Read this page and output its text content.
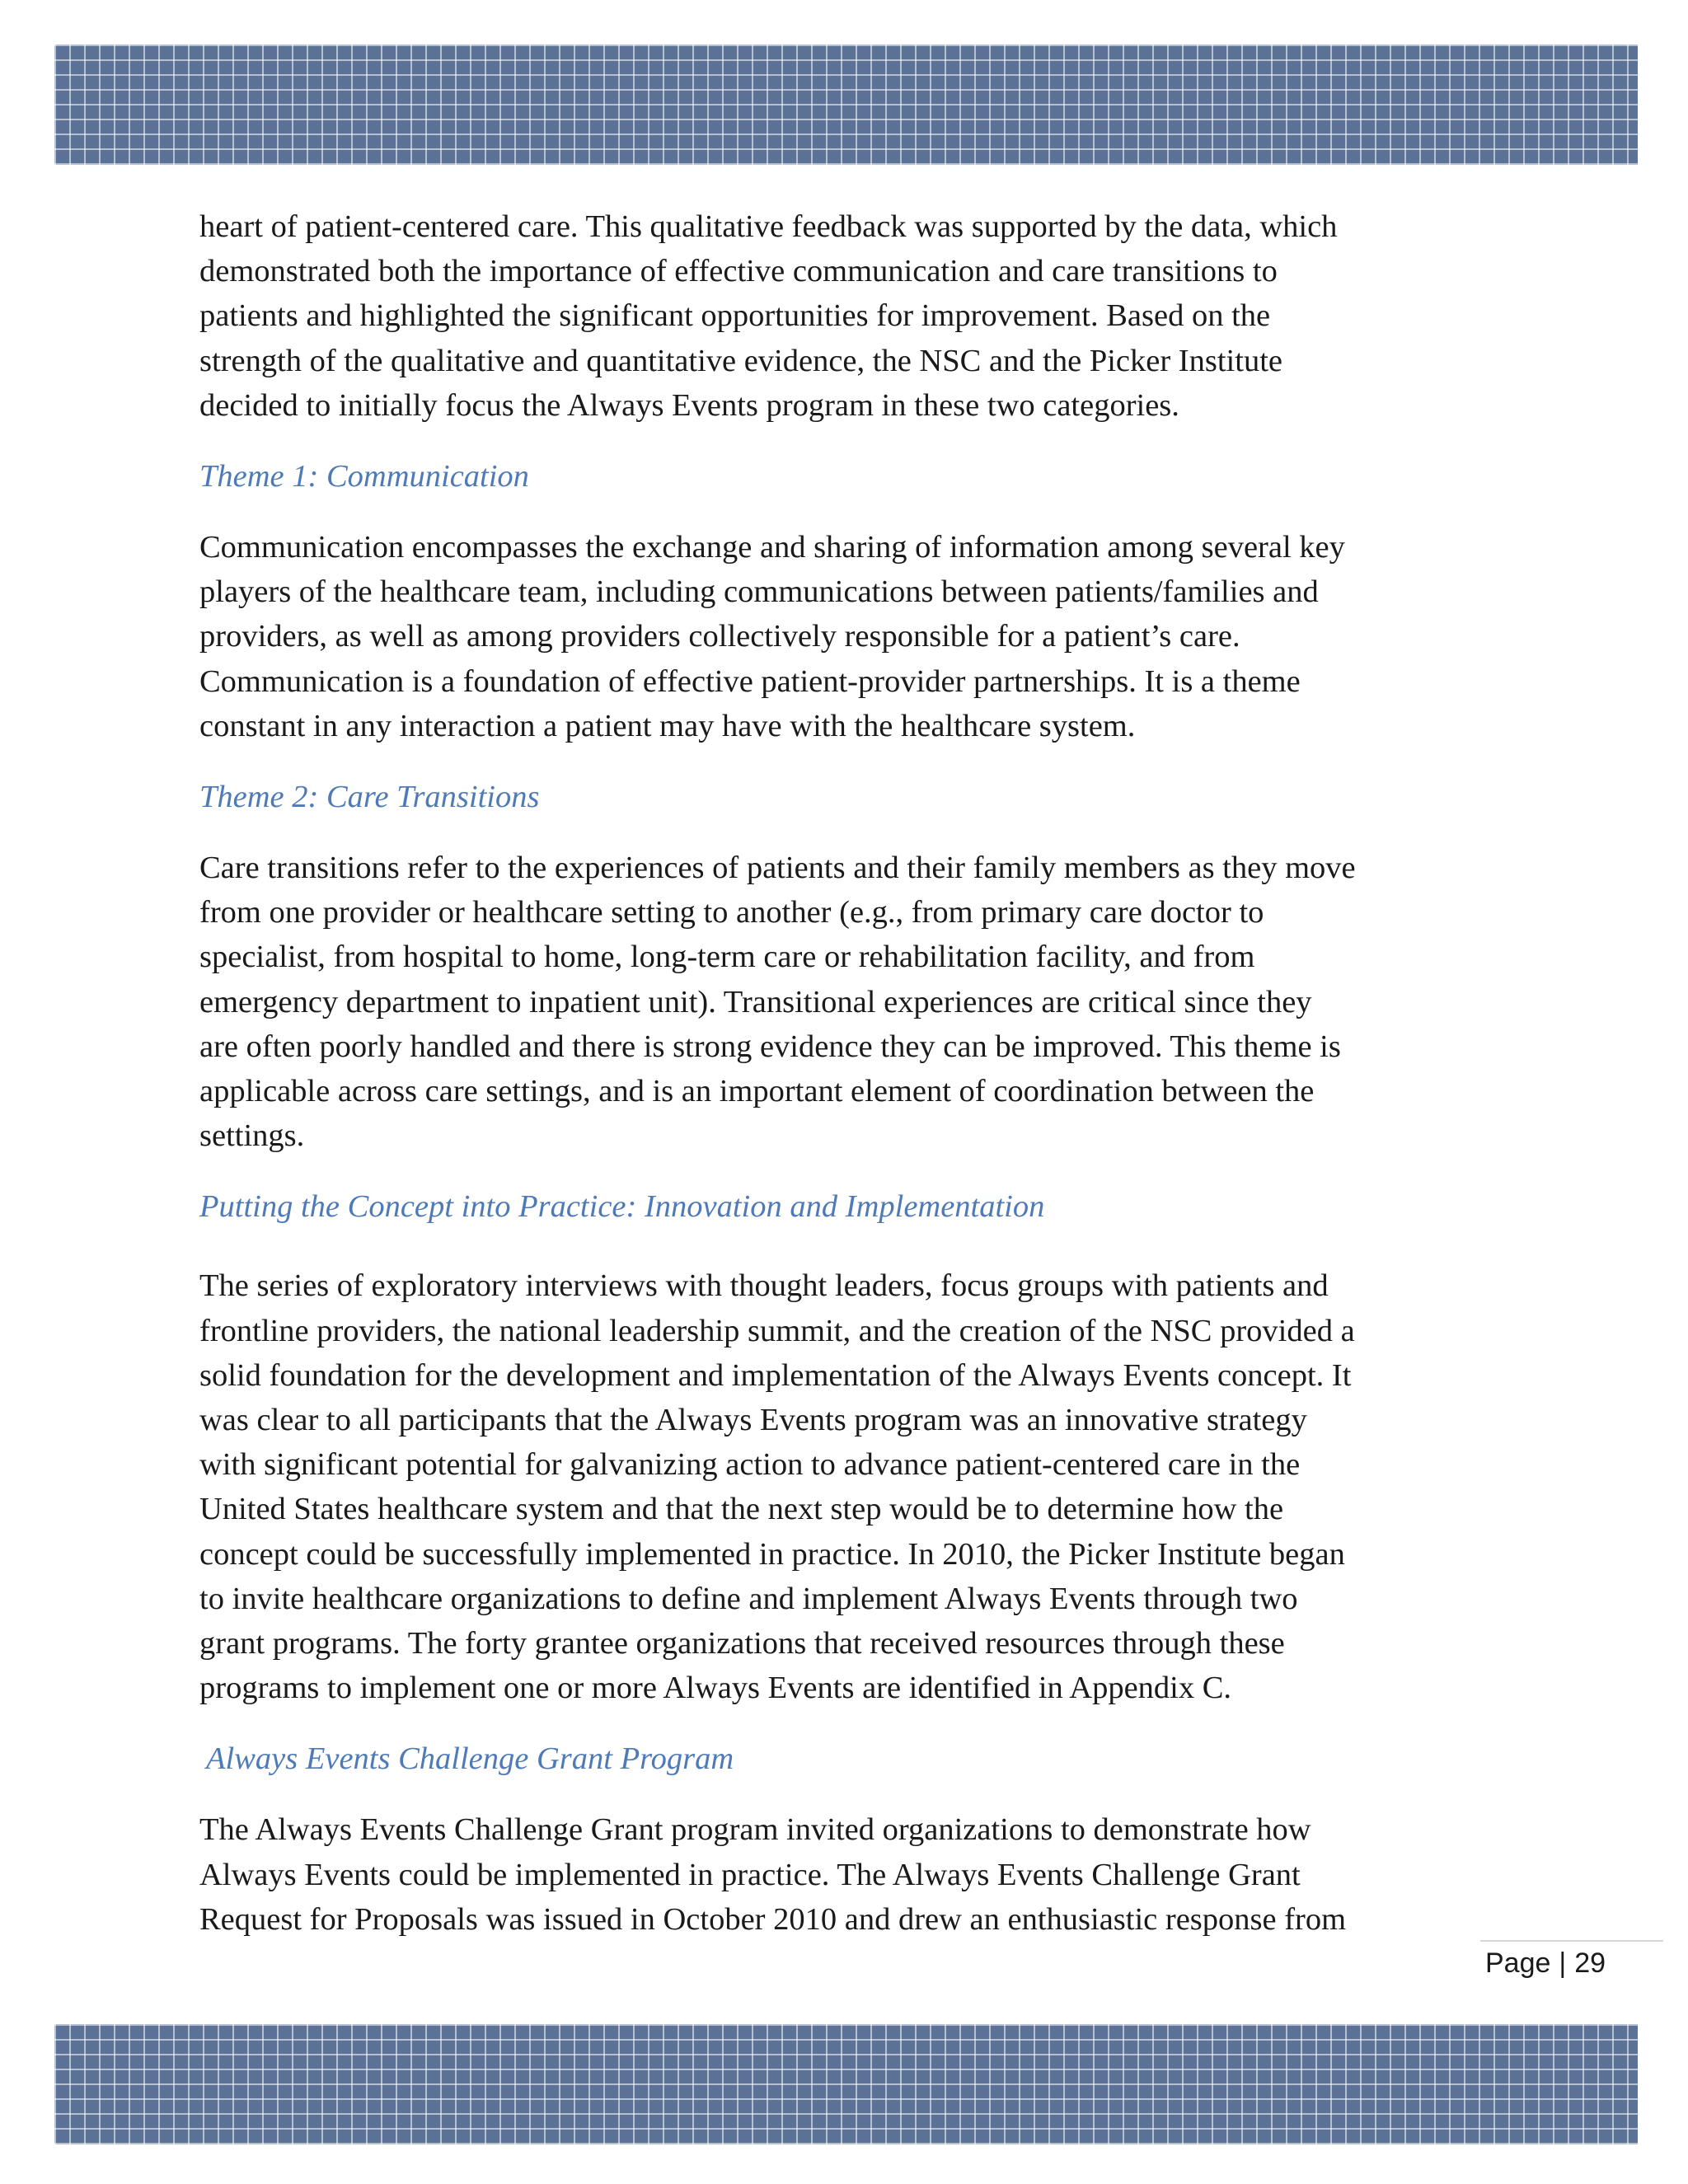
heart of patient-centered care. This qualitative feedback was supported by the data, which
demonstrated both the importance of effective communication and care transitions to
patients and highlighted the significant opportunities for improvement. Based on the
strength of the qualitative and quantitative evidence, the NSC and the Picker Institute
decided to initially focus the Always Events program in these two categories.

Theme 1: Communication

Communication encompasses the exchange and sharing of information among several key
players of the healthcare team, including communications between patients/families and
providers, as well as among providers collectively responsible for a patient’s care.
Communication is a foundation of effective patient-provider partnerships. It is a theme
constant in any interaction a patient may have with the healthcare system.

Theme 2: Care Transitions

Care transitions refer to the experiences of patients and their family members as they move
from one provider or healthcare setting to another (e.g., from primary care doctor to
specialist, from hospital to home, long-term care or rehabilitation facility, and from
emergency department to inpatient unit). Transitional experiences are critical since they
are often poorly handled and there is strong evidence they can be improved. This theme is
applicable across care settings, and is an important element of coordination between the
settings.

Putting the Concept into Practice: Innovation and Implementation

The series of exploratory interviews with thought leaders, focus groups with patients and
frontline providers, the national leadership summit, and the creation of the NSC provided a
solid foundation for the development and implementation of the Always Events concept. It
was clear to all participants that the Always Events program was an innovative strategy
with significant potential for galvanizing action to advance patient-centered care in the
United States healthcare system and that the next step would be to determine how the
concept could be successfully implemented in practice. In 2010, the Picker Institute began
to invite healthcare organizations to define and implement Always Events through two
grant programs. The forty grantee organizations that received resources through these
programs to implement one or more Always Events are identified in Appendix C.

Always Events Challenge Grant Program

The Always Events Challenge Grant program invited organizations to demonstrate how
Always Events could be implemented in practice. The Always Events Challenge Grant
Request for Proposals was issued in October 2010 and drew an enthusiastic response from

Page | 29
